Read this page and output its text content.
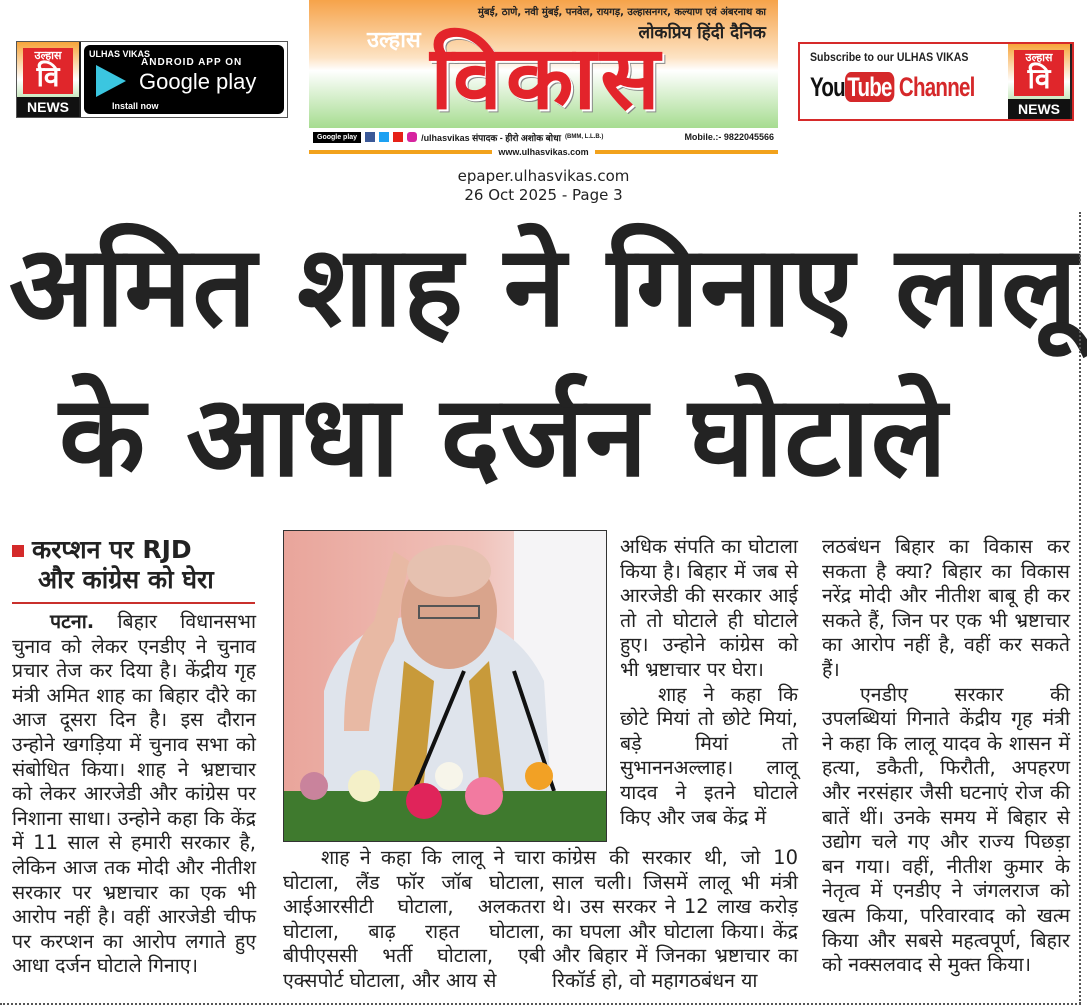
वि
उल्हास
NEWS
ULHAS VIKAS
ANDROID APP ON
Google play
Install now
मुंबई, ठाणे, नवी मुंबई, पनवेल, रायगड़, उल्हासनगर, कल्याण एवं अंबरनाथ का
लोकप्रिय हिंदी दैनिक
विकास
उल्हास
Google play	/ulhasvikas संपादक - हीरो अशोक बोधा (BMM, L.L.B.)	Mobile.:- 9822045566
www.ulhasvikas.com
epaper.ulhasvikas.com
26 Oct 2025 - Page 3
Subscribe to our ULHAS VIKAS
YouTube Channel	वि
उल्हास
NEWS
अमित शाह ने गिनाए लालू
के आधा दर्जन घोटाले
करप्शन पर RJD
और कांग्रेस को घेरा

पटना. बिहार विधानसभा चुनाव को लेकर एनडीए ने चुनाव प्रचार तेज कर दिया है। केंद्रीय गृह मंत्री अमित शाह का बिहार दौरे का आज दूसरा दिन है। इस दौरान उन्होने खगड़िया में चुनाव सभा को संबोधित किया। शाह ने भ्रष्टाचार को लेकर आरजेडी और कांग्रेस पर निशाना साधा। उन्होने कहा कि केंद्र में 11 साल से हमारी सरकार है, लेकिन आज तक मोदी और नीतीश सरकार पर भ्रष्टाचार का एक भी आरोप नहीं है। वहीं आरजेडी चीफ पर करप्शन का आरोप लगाते हुए आधा दर्जन घोटाले गिनाए।

शाह ने कहा कि लालू ने चारा घोटाला, लैंड फॉर जॉब घोटाला, आईआरसीटी घोटाला, अलकतरा घोटाला, बाढ़ राहत घोटाला, बीपीएससी भर्ती घोटाला, एबी एक्सपोर्ट घोटाला, और आय से

अधिक संपति का घोटाला किया है। बिहार में जब से आरजेडी की सरकार आई तो तो घोटाले ही घोटाले हुए। उन्होने कांग्रेस को भी भ्रष्टाचार पर घेरा।

शाह ने कहा कि छोटे मियां तो छोटे मियां, बड़े मियां तो सुभाननअल्लाह। लालू यादव ने इतने घोटाले किए और जब केंद्र में

कांग्रेस की सरकार थी, जो 10 साल चली। जिसमें लालू भी मंत्री थे। उस सरकर ने 12 लाख करोड़ का घपला और घोटाला किया। केंद्र और बिहार में जिनका भ्रष्टाचार का रिकॉर्ड हो, वो महागठबंधन या

लठबंधन बिहार का विकास कर सकता है क्या? बिहार का विकास नरेंद्र मोदी और नीतीश बाबू ही कर सकते हैं, जिन पर एक भी भ्रष्टाचार का आरोप नहीं है, वहीं कर सकते हैं।

एनडीए सरकार की उपलब्धियां गिनाते केंद्रीय गृह मंत्री ने कहा कि लालू यादव के शासन में हत्या, डकैती, फिरौती, अपहरण और नरसंहार जैसी घटनाएं रोज की बातें थीं। उनके समय में बिहार से उद्योग चले गए और राज्य पिछड़ा बन गया। वहीं, नीतीश कुमार के नेतृत्व में एनडीए ने जंगलराज को खत्म किया, परिवारवाद को खत्म किया और सबसे महत्वपूर्ण, बिहार को नक्सलवाद से मुक्त किया।
